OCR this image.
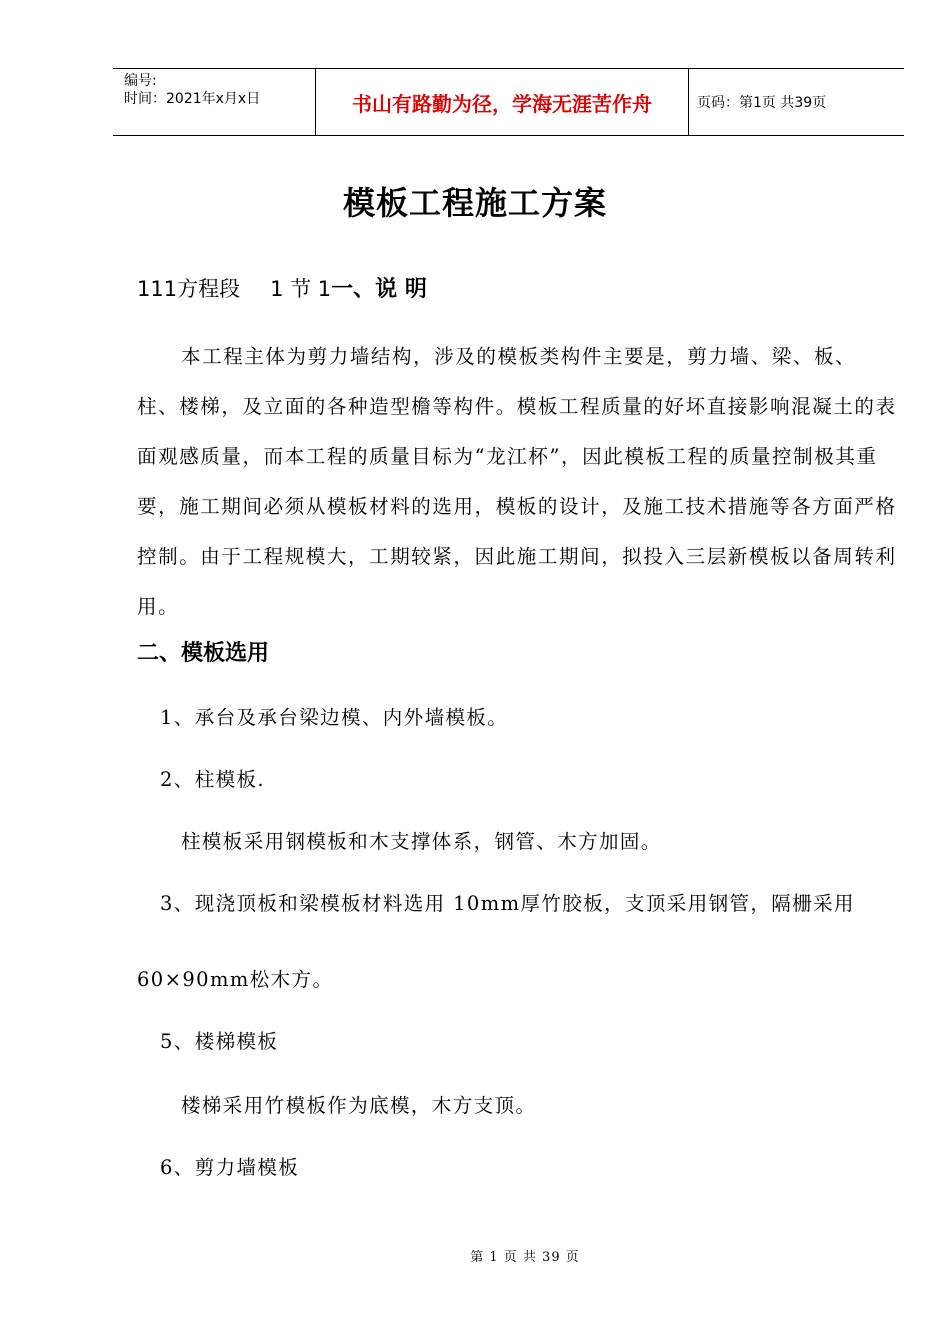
编号:
时间：2021年x月x日	书山有路勤为径，学海无涯苦作舟	页码：第1页 共39页
模板工程施工方案
111方程段 1 节 1一、说 明

本工程主体为剪力墙结构，涉及的模板类构件主要是，剪力墙、梁、板、柱、楼梯，及立面的各种造型檐等构件。模板工程质量的好坏直接影响混凝土的表面观感质量，而本工程的质量目标为“龙江杯”，因此模板工程的质量控制极其重要，施工期间必须从模板材料的选用，模板的设计，及施工技术措施等各方面严格控制。由于工程规模大，工期较紧，因此施工期间，拟投入三层新模板以备周转利用。

二、模板选用

1、承台及承台梁边模、内外墙模板。

2、柱模板.

柱模板采用钢模板和木支撑体系，钢管、木方加固。

3、现浇顶板和梁模板材料选用 10mm厚竹胶板，支顶采用钢管，隔栅采用

60×90mm松木方。

5、楼梯模板

楼梯采用竹模板作为底模，木方支顶。

6、剪力墙模板

第 1 页 共 39 页
